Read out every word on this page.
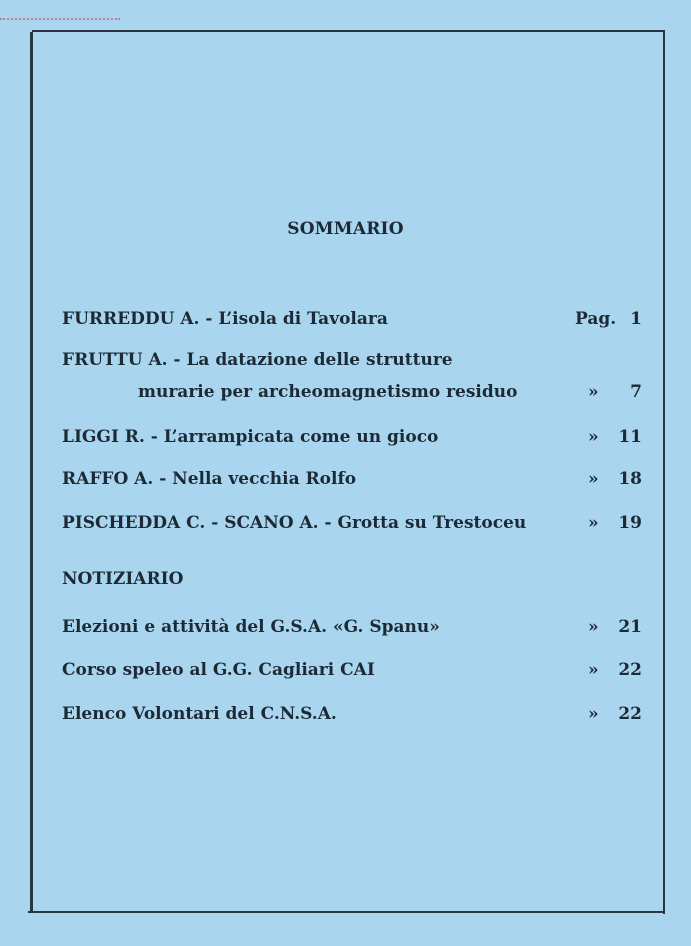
SOMMARIO
FURREDDU A. - L’isola di Tavolara	Pag. 1
FRUTTU A. - La datazione delle strutture
murarie per archeomagnetismo residuo	» 7
LIGGI R. - L’arrampicata come un gioco	» 11
RAFFO A. - Nella vecchia Rolfo	» 18
PISCHEDDA C. - SCANO A. - Grotta su Trestoceu	» 19
NOTIZIARIO
Elezioni e attività del G.S.A. «G. Spanu»	» 21
Corso speleo al G.G. Cagliari CAI	» 22
Elenco Volontari del C.N.S.A.	» 22
